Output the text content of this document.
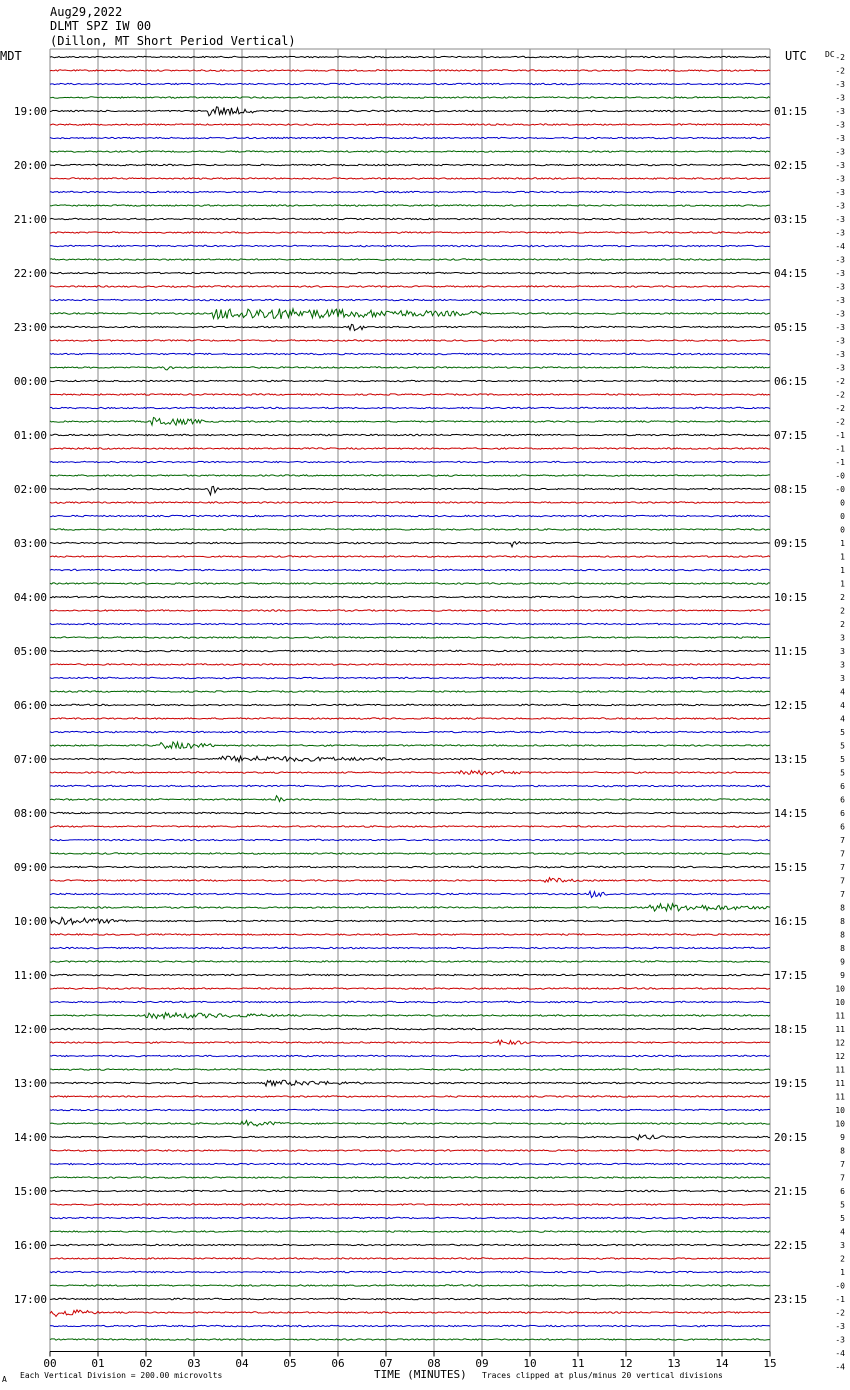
Aug29,2022
DLMT SPZ IW 00
(Dillon, MT Short Period Vertical)
MDT	UTC DC
19:00
20:00
21:00
22:00
23:00
00:00
01:00
02:00
03:00
04:00
05:00
06:00
07:00
08:00
09:00
10:00
11:00
12:00
13:00
14:00
15:00
16:00
17:00
01:15
02:15
03:15
04:15
05:15
06:15
07:15
08:15
09:15
10:15
11:15
12:15
13:15
14:15
15:15
16:15
17:15
18:15
19:15
20:15
21:15
22:15
23:15
-2
-2
-3
-3
-3
-3
-3
-3
-3
-3
-3
-3
-3
-3
-4
-3
-3
-3
-3
-3
-3
-3
-3
-3
-2
-2
-2
-2
-1
-1
-1
-0
-0
0
0
0
1
1
1
1
2
2
2
3
3
3
3
4
4
4
5
5
5
5
6
6
6
6
7
7
7
7
7
8
8
8
8
9
9
10
10
11
11
12
12
11
11
11
10
10
9
8
7
7
6
5
5
4
3
2
1
-0
-1
-2
-3
-3
-4
-4
00	01	02	03	04	05	06	07	08	09	10	11	12	13	14	15
A Each Vertical Division = 200.00 microvolts	TIME (MINUTES) Traces clipped at plus/minus 20 vertical divisions
